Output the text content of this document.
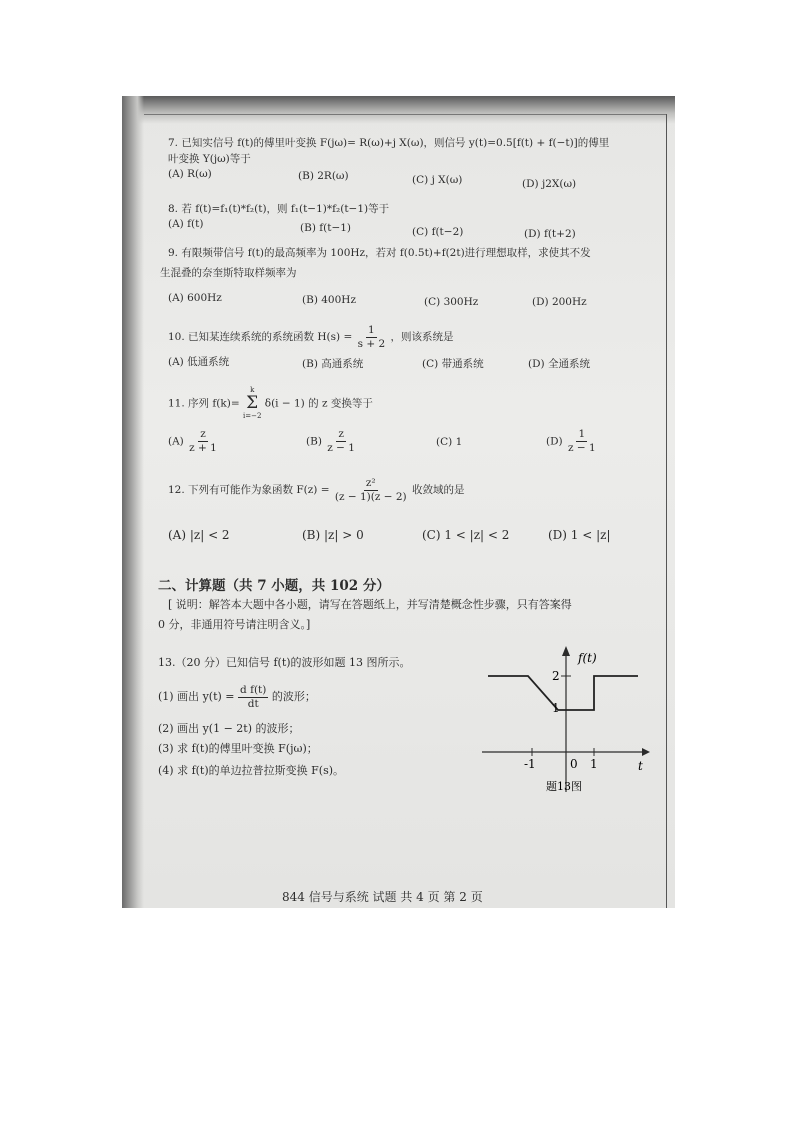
7. 已知实信号 f(t)的傅里叶变换 F(jω)= R(ω)+j X(ω)，则信号 y(t)=0.5[f(t) + f(−t)]的傅里
叶变换 Y(jω)等于
(A) R(ω)	(B) 2R(ω)	(C) j X(ω)	(D) j2X(ω)
8. 若 f(t)=f₁(t)*f₂(t)，则 f₁(t−1)*f₂(t−1)等于
(A) f(t)	(B) f(t−1)	(C) f(t−2)	(D) f(t+2)
9. 有限频带信号 f(t)的最高频率为 100Hz，若对 f(0.5t)+f(2t)进行理想取样，求使其不发
生混叠的奈奎斯特取样频率为
(A) 600Hz	(B) 400Hz	(C) 300Hz	(D) 200Hz
10. 已知某连续系统的系统函数 $H(s) = \frac{1}{s + 2}$ ，则该系统是
(A) 低通系统	(B) 高通系统	(C) 带通系统	(D) 全通系统
11. 序列 f(k)=
k
Σ
i=−2
δ(i − 1) 的 z 变换等于
$(A) \frac{z}{z + 1}$	$(B) \frac{z}{z - 1}$	(C) 1	$(D) \frac{1}{z - 1}$
12. 下列有可能作为象函数 $F(z) = \frac{\text{z²}}{(z - 1)(z - 2)}$ 收敛域的是
(A) |z| < 2	(B) |z| > 0	(C) 1 < |z| < 2	(D) 1 < |z|
二、计算题（共 7 小题，共 102 分）
[ 说明：解答本大题中各小题，请写在答题纸上，并写清楚概念性步骤，只有答案得
0 分，非通用符号请注明含义。]
13.（20 分）已知信号 f(t)的波形如题 13 图所示。
(1) 画出 $y(t) = \frac{\text{d f(t)}}{dt}$ 的波形；
(2) 画出 y(1 − 2t) 的波形；
(3) 求 f(t)的傅里叶变换 F(jω)；
(4) 求 f(t)的单边拉普拉斯变换 F(s)。
f(t)
t
2
1
-1	0 1
题13图
844 信号与系统 试题 共 4 页 第 2 页
